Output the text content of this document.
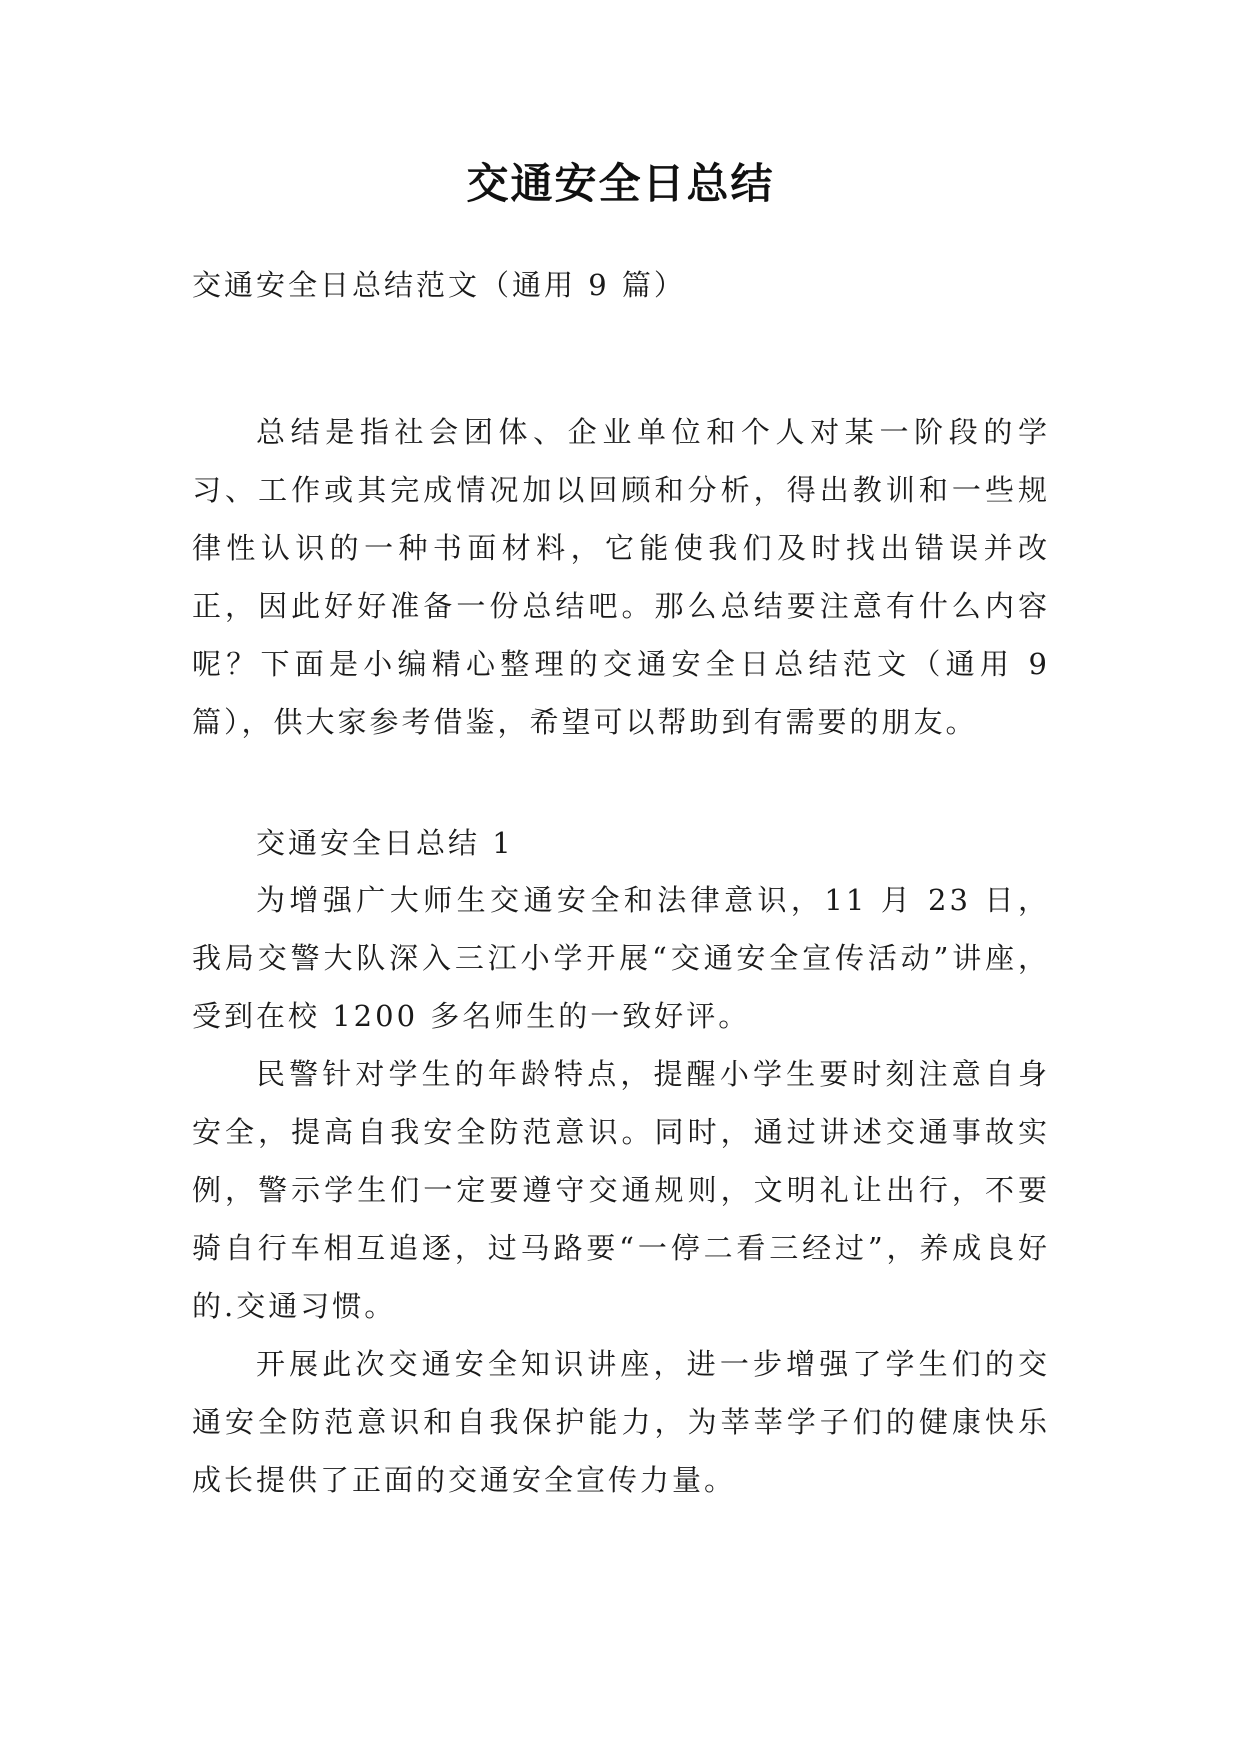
交通安全日总结
交通安全日总结范文（通用 9 篇）
总结是指社会团体、企业单位和个人对某一阶段的学习、工作或其完成情况加以回顾和分析，得出教训和一些规律性认识的一种书面材料，它能使我们及时找出错误并改正，因此好好准备一份总结吧。那么总结要注意有什么内容呢？下面是小编精心整理的交通安全日总结范文（通用 9 篇），供大家参考借鉴，希望可以帮助到有需要的朋友。
交通安全日总结 1

为增强广大师生交通安全和法律意识，11 月 23 日，我局交警大队深入三江小学开展“交通安全宣传活动”讲座，受到在校 1200 多名师生的一致好评。

民警针对学生的年龄特点，提醒小学生要时刻注意自身安全，提高自我安全防范意识。同时，通过讲述交通事故实例，警示学生们一定要遵守交通规则，文明礼让出行，不要骑自行车相互追逐，过马路要“一停二看三经过”，养成良好的.交通习惯。

开展此次交通安全知识讲座，进一步增强了学生们的交通安全防范意识和自我保护能力，为莘莘学子们的健康快乐成长提供了正面的交通安全宣传力量。
